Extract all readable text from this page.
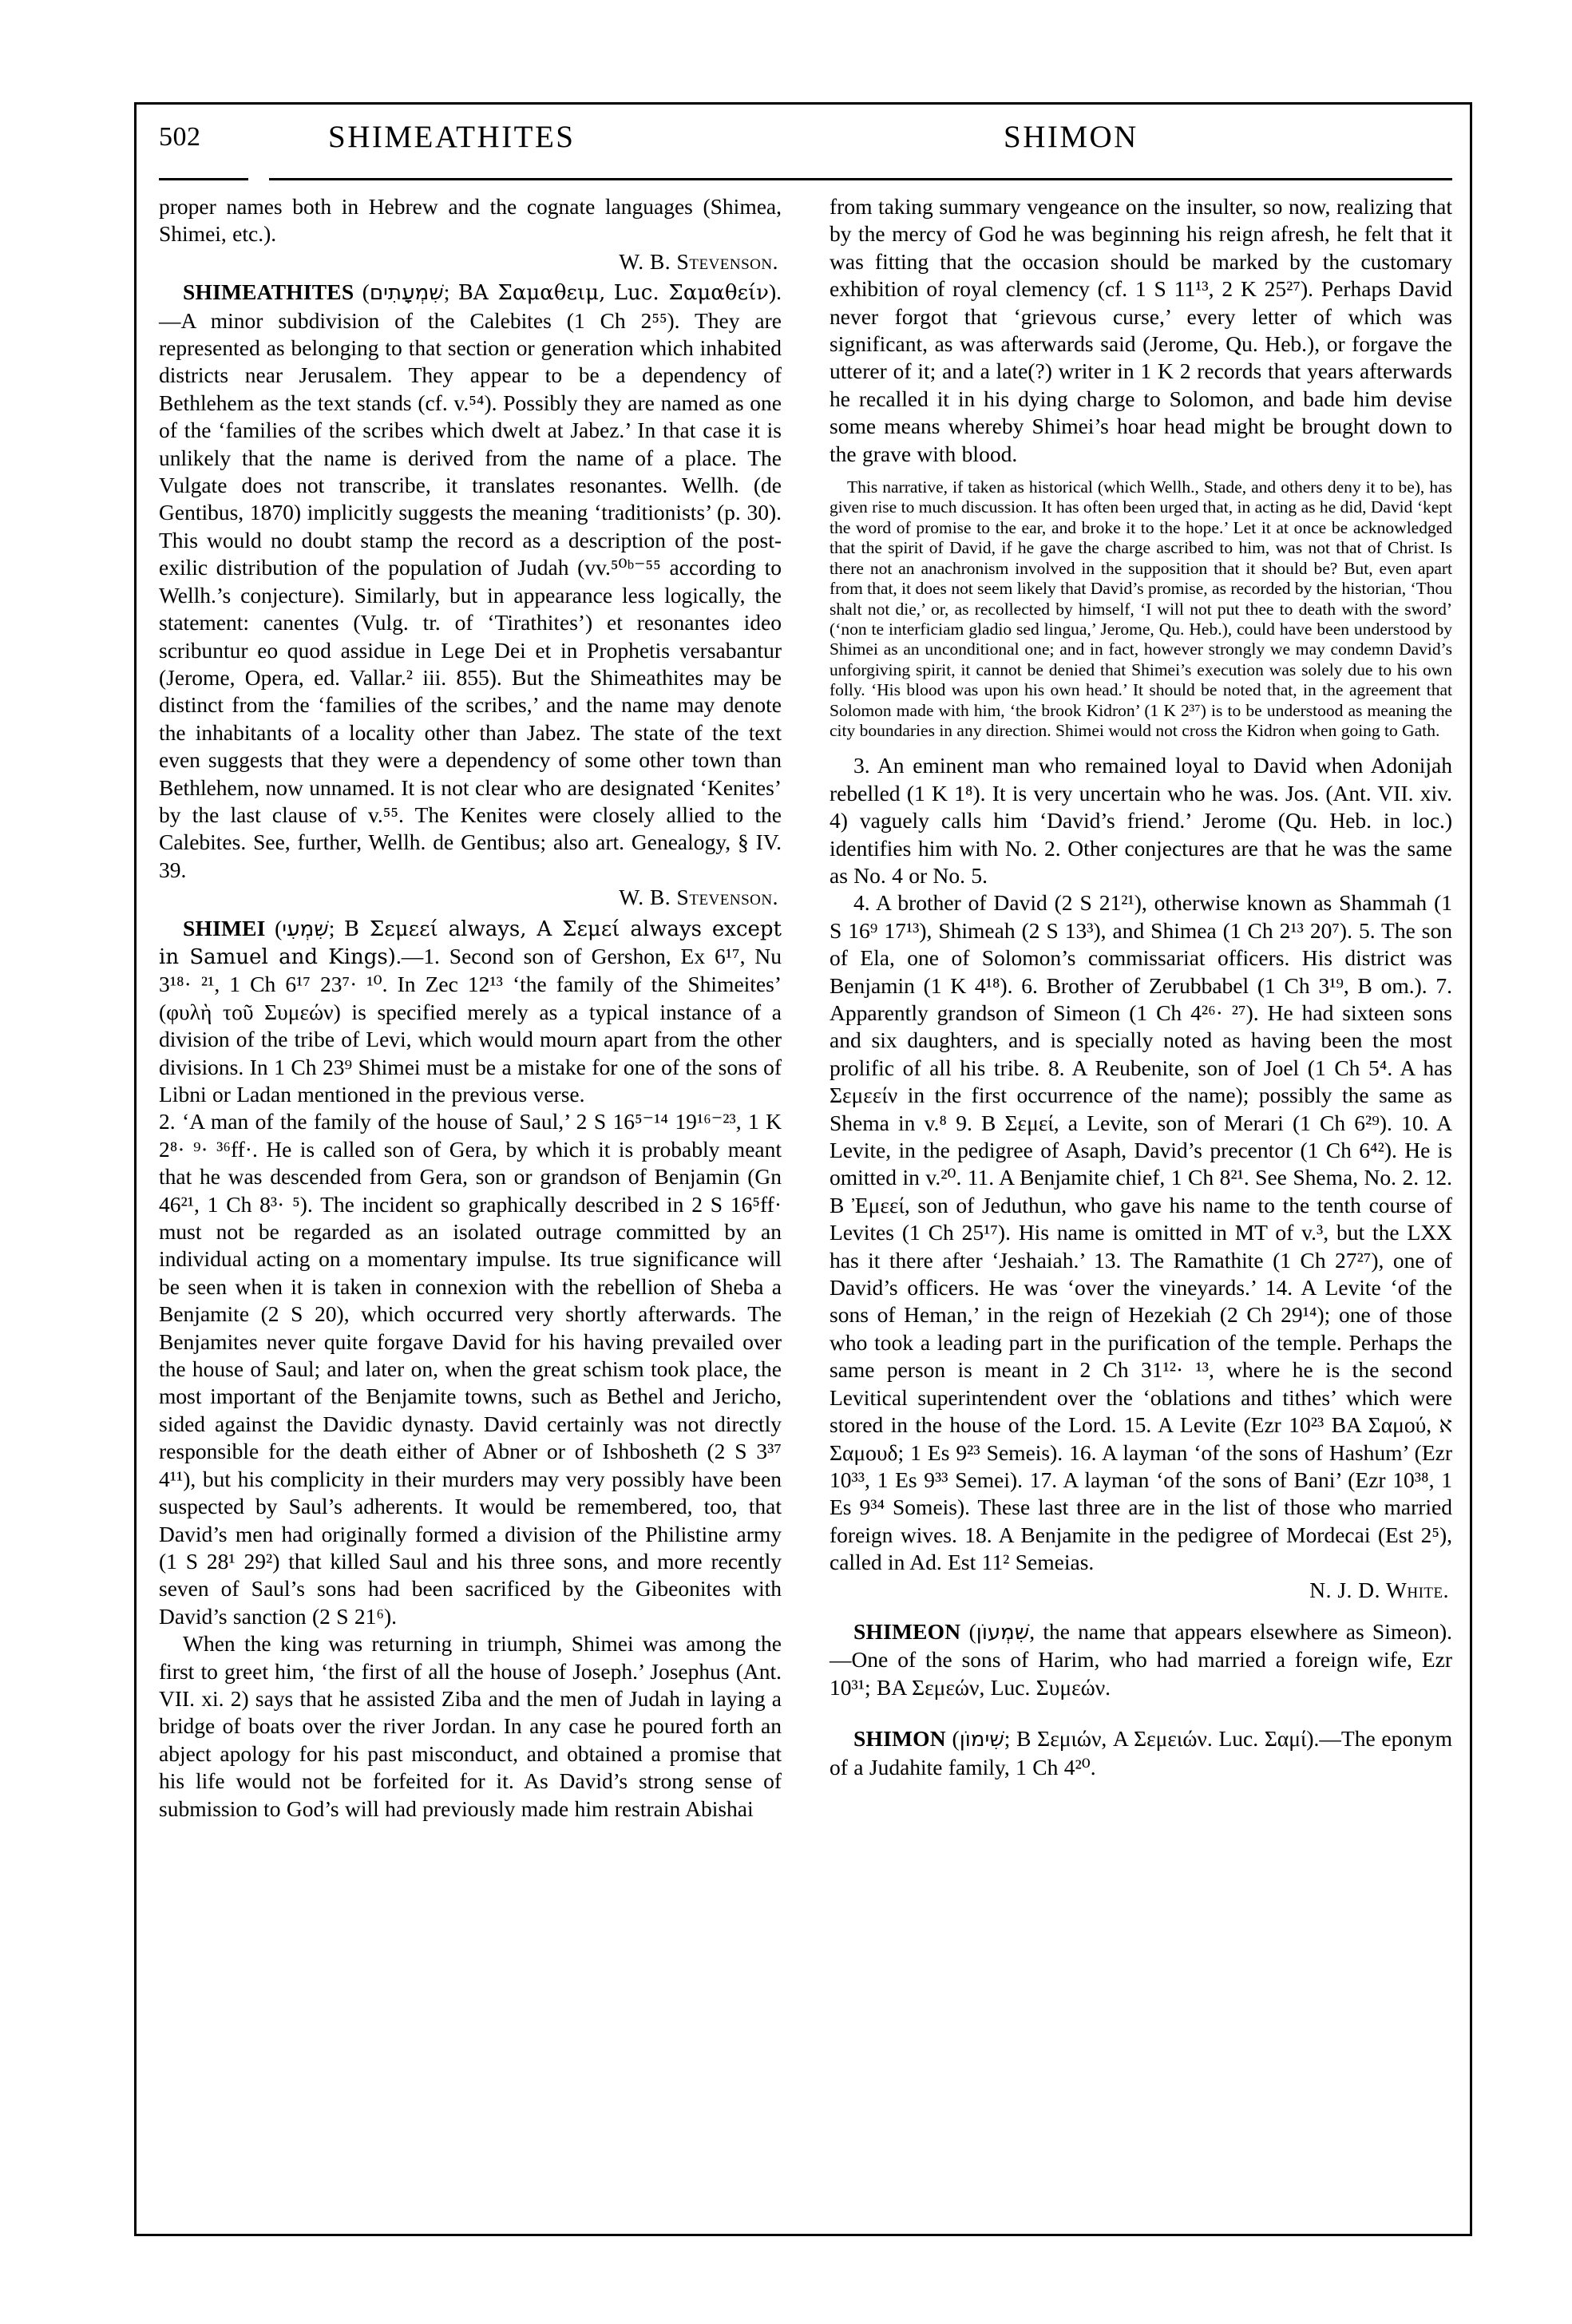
502	SHIMEATHITES	SHIMON

proper names both in Hebrew and the cognate languages (Shimea, Shimei, etc.).

W. B. Stevenson.

SHIMEATHITES (שִׁמְעָתִים; BA Σαμαθειμ, Luc. Σαμαθείν).—A minor subdivision of the Calebites (1 Ch 2⁵⁵). They are represented as belonging to that section or generation which inhabited districts near Jerusalem. They appear to be a dependency of Bethlehem as the text stands (cf. v.⁵⁴). Possibly they are named as one of the ‘families of the scribes which dwelt at Jabez.’ In that case it is unlikely that the name is derived from the name of a place. The Vulgate does not transcribe, it translates resonantes. Wellh. (de Gentibus, 1870) implicitly suggests the meaning ‘traditionists’ (p. 30). This would no doubt stamp the record as a description of the post-exilic distribution of the population of Judah (vv.⁵⁰ᵇ⁻⁵⁵ according to Wellh.’s conjecture). Similarly, but in appearance less logically, the statement: canentes (Vulg. tr. of ‘Tirathites’) et resonantes ideo scribuntur eo quod assidue in Lege Dei et in Prophetis versabantur (Jerome, Opera, ed. Vallar.² iii. 855). But the Shimeathites may be distinct from the ‘families of the scribes,’ and the name may denote the inhabitants of a locality other than Jabez. The state of the text even suggests that they were a dependency of some other town than Bethlehem, now unnamed. It is not clear who are designated ‘Kenites’ by the last clause of v.⁵⁵. The Kenites were closely allied to the Calebites. See, further, Wellh. de Gentibus; also art. Genealogy, § IV. 39.

W. B. Stevenson.

SHIMEI (שִׁמְעִי; B Σεμεεί always, A Σεμεί always except in Samuel and Kings).—1. Second son of Gershon, Ex 6¹⁷, Nu 3¹⁸· ²¹, 1 Ch 6¹⁷ 23⁷· ¹⁰. In Zec 12¹³ ‘the family of the Shimeites’ (φυλὴ τοῦ Συμεών) is specified merely as a typical instance of a division of the tribe of Levi, which would mourn apart from the other divisions. In 1 Ch 23⁹ Shimei must be a mistake for one of the sons of Libni or Ladan mentioned in the previous verse.

2. ‘A man of the family of the house of Saul,’ 2 S 16⁵⁻¹⁴ 19¹⁶⁻²³, 1 K 2⁸· ⁹· ³⁶ff·. He is called son of Gera, by which it is probably meant that he was descended from Gera, son or grandson of Benjamin (Gn 46²¹, 1 Ch 8³· ⁵). The incident so graphically described in 2 S 16⁵ff· must not be regarded as an isolated outrage committed by an individual acting on a momentary impulse. Its true significance will be seen when it is taken in connexion with the rebellion of Sheba a Benjamite (2 S 20), which occurred very shortly afterwards. The Benjamites never quite forgave David for his having prevailed over the house of Saul; and later on, when the great schism took place, the most important of the Benjamite towns, such as Bethel and Jericho, sided against the Davidic dynasty. David certainly was not directly responsible for the death either of Abner or of Ishbosheth (2 S 3³⁷ 4¹¹), but his complicity in their murders may very possibly have been suspected by Saul’s adherents. It would be remembered, too, that David’s men had originally formed a division of the Philistine army (1 S 28¹ 29²) that killed Saul and his three sons, and more recently seven of Saul’s sons had been sacrificed by the Gibeonites with David’s sanction (2 S 21⁶).

When the king was returning in triumph, Shimei was among the first to greet him, ‘the first of all the house of Joseph.’ Josephus (Ant. VII. xi. 2) says that he assisted Ziba and the men of Judah in laying a bridge of boats over the river Jordan. In any case he poured forth an abject apology for his past misconduct, and obtained a promise that his life would not be forfeited for it. As David’s strong sense of submission to God’s will had previously made him restrain Abishai

from taking summary vengeance on the insulter, so now, realizing that by the mercy of God he was beginning his reign afresh, he felt that it was fitting that the occasion should be marked by the customary exhibition of royal clemency (cf. 1 S 11¹³, 2 K 25²⁷). Perhaps David never forgot that ‘grievous curse,’ every letter of which was significant, as was afterwards said (Jerome, Qu. Heb.), or forgave the utterer of it; and a late(?) writer in 1 K 2 records that years afterwards he recalled it in his dying charge to Solomon, and bade him devise some means whereby Shimei’s hoar head might be brought down to the grave with blood.

This narrative, if taken as historical (which Wellh., Stade, and others deny it to be), has given rise to much discussion. It has often been urged that, in acting as he did, David ‘kept the word of promise to the ear, and broke it to the hope.’ Let it at once be acknowledged that the spirit of David, if he gave the charge ascribed to him, was not that of Christ. Is there not an anachronism involved in the supposition that it should be? But, even apart from that, it does not seem likely that David’s promise, as recorded by the historian, ‘Thou shalt not die,’ or, as recollected by himself, ‘I will not put thee to death with the sword’ (‘non te interficiam gladio sed lingua,’ Jerome, Qu. Heb.), could have been understood by Shimei as an unconditional one; and in fact, however strongly we may condemn David’s unforgiving spirit, it cannot be denied that Shimei’s execution was solely due to his own folly. ‘His blood was upon his own head.’ It should be noted that, in the agreement that Solomon made with him, ‘the brook Kidron’ (1 K 2³⁷) is to be understood as meaning the city boundaries in any direction. Shimei would not cross the Kidron when going to Gath.

3. An eminent man who remained loyal to David when Adonijah rebelled (1 K 1⁸). It is very uncertain who he was. Jos. (Ant. VII. xiv. 4) vaguely calls him ‘David’s friend.’ Jerome (Qu. Heb. in loc.) identifies him with No. 2. Other conjectures are that he was the same as No. 4 or No. 5.

4. A brother of David (2 S 21²¹), otherwise known as Shammah (1 S 16⁹ 17¹³), Shimeah (2 S 13³), and Shimea (1 Ch 2¹³ 20⁷). 5. The son of Ela, one of Solomon’s commissariat officers. His district was Benjamin (1 K 4¹⁸). 6. Brother of Zerubbabel (1 Ch 3¹⁹, B om.). 7. Apparently grandson of Simeon (1 Ch 4²⁶· ²⁷). He had sixteen sons and six daughters, and is specially noted as having been the most prolific of all his tribe. 8. A Reubenite, son of Joel (1 Ch 5⁴. A has Σεμεείν in the first occurrence of the name); possibly the same as Shema in v.⁸ 9. B Σεμεί, a Levite, son of Merari (1 Ch 6²⁹). 10. A Levite, in the pedigree of Asaph, David’s precentor (1 Ch 6⁴²). He is omitted in v.²⁰. 11. A Benjamite chief, 1 Ch 8²¹. See Shema, No. 2. 12. B Ἐμεεί, son of Jeduthun, who gave his name to the tenth course of Levites (1 Ch 25¹⁷). His name is omitted in MT of v.³, but the LXX has it there after ‘Jeshaiah.’ 13. The Ramathite (1 Ch 27²⁷), one of David’s officers. He was ‘over the vineyards.’ 14. A Levite ‘of the sons of Heman,’ in the reign of Hezekiah (2 Ch 29¹⁴); one of those who took a leading part in the purification of the temple. Perhaps the same person is meant in 2 Ch 31¹²· ¹³, where he is the second Levitical superintendent over the ‘oblations and tithes’ which were stored in the house of the Lord. 15. A Levite (Ezr 10²³ BA Σαμού, א Σαμουδ; 1 Es 9²³ Semeis). 16. A layman ‘of the sons of Hashum’ (Ezr 10³³, 1 Es 9³³ Semei). 17. A layman ‘of the sons of Bani’ (Ezr 10³⁸, 1 Es 9³⁴ Someis). These last three are in the list of those who married foreign wives. 18. A Benjamite in the pedigree of Mordecai (Est 2⁵), called in Ad. Est 11² Semeias.

N. J. D. White.

SHIMEON (שִׁמְעוֹן, the name that appears elsewhere as Simeon).—One of the sons of Harim, who had married a foreign wife, Ezr 10³¹; BA Σεμεών, Luc. Συμεών.

SHIMON (שִׁימוֹן; B Σεμιών, A Σεμειών. Luc. Σαμί).—The eponym of a Judahite family, 1 Ch 4²⁰.
